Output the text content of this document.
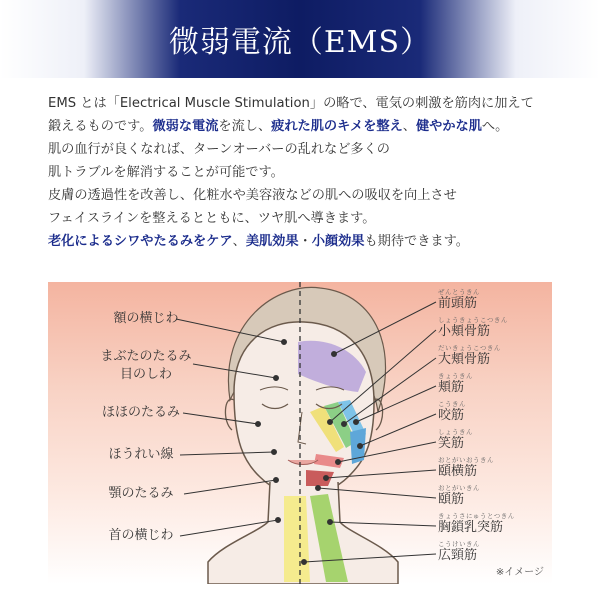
微弱電流（EMS）
EMS とは「Electrical Muscle Stimulation」の略で、電気の刺激を筋肉に加えて
鍛えるものです。微弱な電流を流し、疲れた肌のキメを整え、健やかな肌へ。
肌の血行が良くなれば、ターンオーバーの乱れなど多くの
肌トラブルを解消することが可能です。
皮膚の透過性を改善し、化粧水や美容液などの肌への吸収を向上させ
フェイスラインを整えるとともに、ツヤ肌へ導きます。
老化によるシワやたるみをケア、美肌効果・小顔効果も期待できます。
額の横じわ
まぶたのたるみ
目のしわ
ほほのたるみ
ほうれい線
顎のたるみ
首の横じわ
ぜんとうきん
前頭筋
しょうきょうこつきん
小頬骨筋
だいきょうこつきん
大頬骨筋
きょうきん
頬筋
こうきん
咬筋
しょうきん
笑筋
おとがいおうきん
頤横筋
おとがいきん
頤筋
きょうさにゅうとつきん
胸鎖乳突筋
こうけいきん
広頸筋
※イメージ
